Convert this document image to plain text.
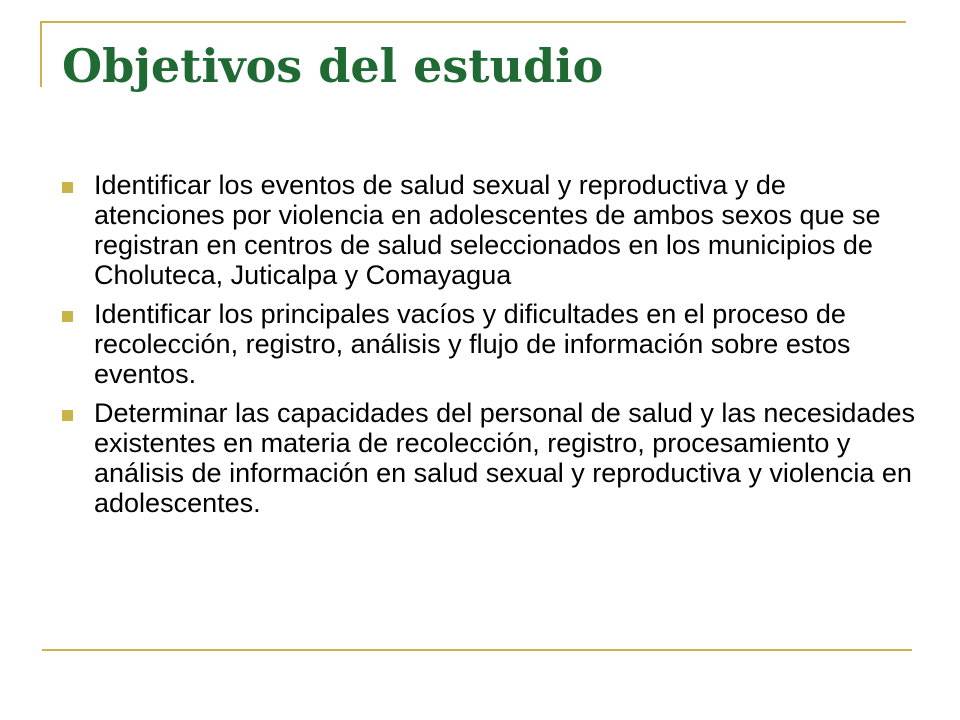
Objetivos del estudio
Identificar los eventos de salud sexual y reproductiva y de atenciones por violencia en adolescentes de ambos sexos que se registran en centros de salud seleccionados en los municipios de Choluteca, Juticalpa y Comayagua
Identificar los principales vacíos y dificultades en el proceso de recolección, registro, análisis y flujo de información sobre estos eventos.
Determinar las capacidades del personal de salud y las necesidades existentes en materia de recolección, registro, procesamiento y análisis de información en salud sexual y reproductiva y violencia en adolescentes.
